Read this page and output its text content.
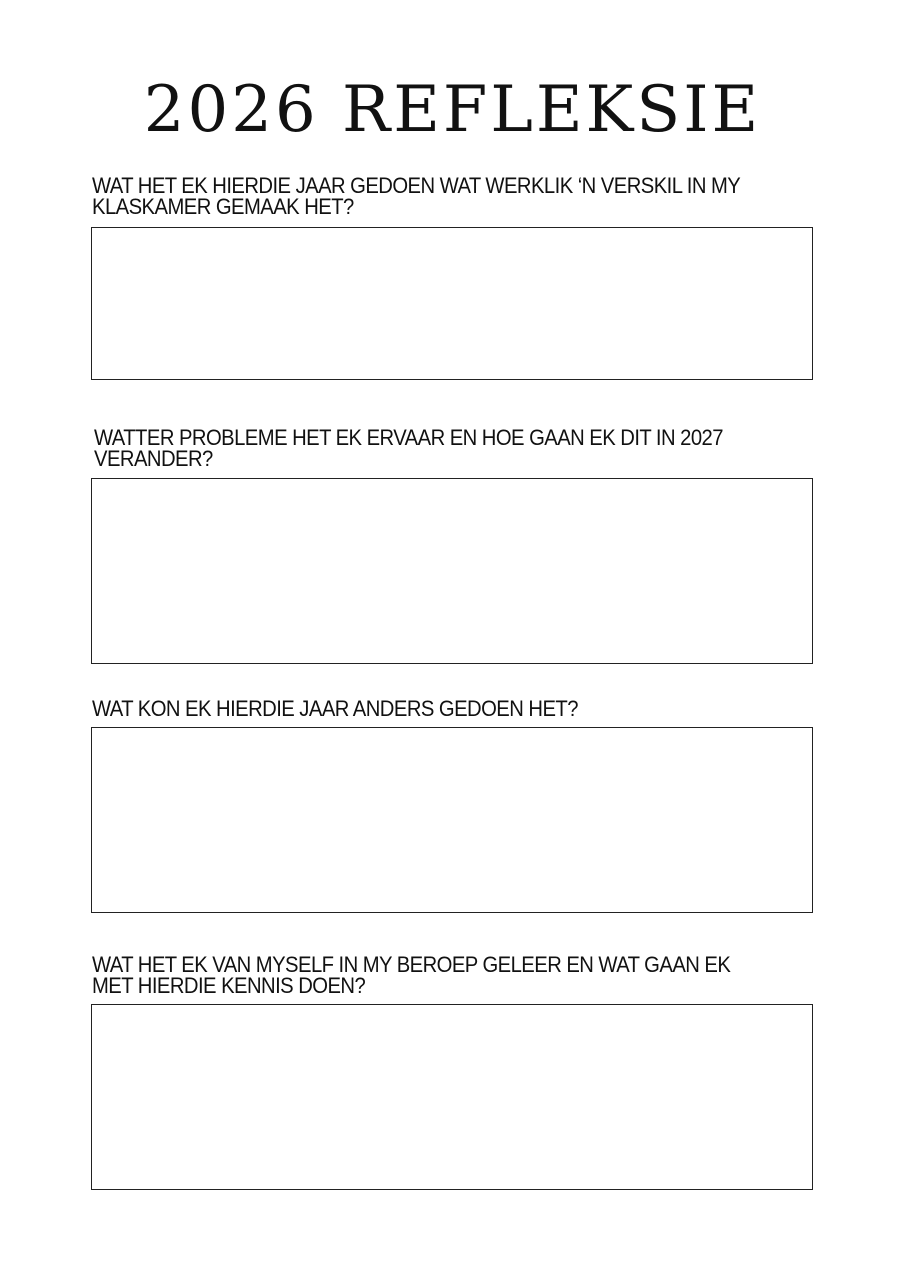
2026 REFLEKSIE
WAT HET EK HIERDIE JAAR GEDOEN WAT WERKLIK ‘N VERSKIL IN MY KLASKAMER GEMAAK HET?
WATTER PROBLEME HET EK ERVAAR EN HOE GAAN EK DIT IN 2027 VERANDER?
WAT KON EK HIERDIE JAAR ANDERS GEDOEN HET?
WAT HET EK VAN MYSELF IN MY BEROEP GELEER EN WAT GAAN EK MET HIERDIE KENNIS DOEN?
